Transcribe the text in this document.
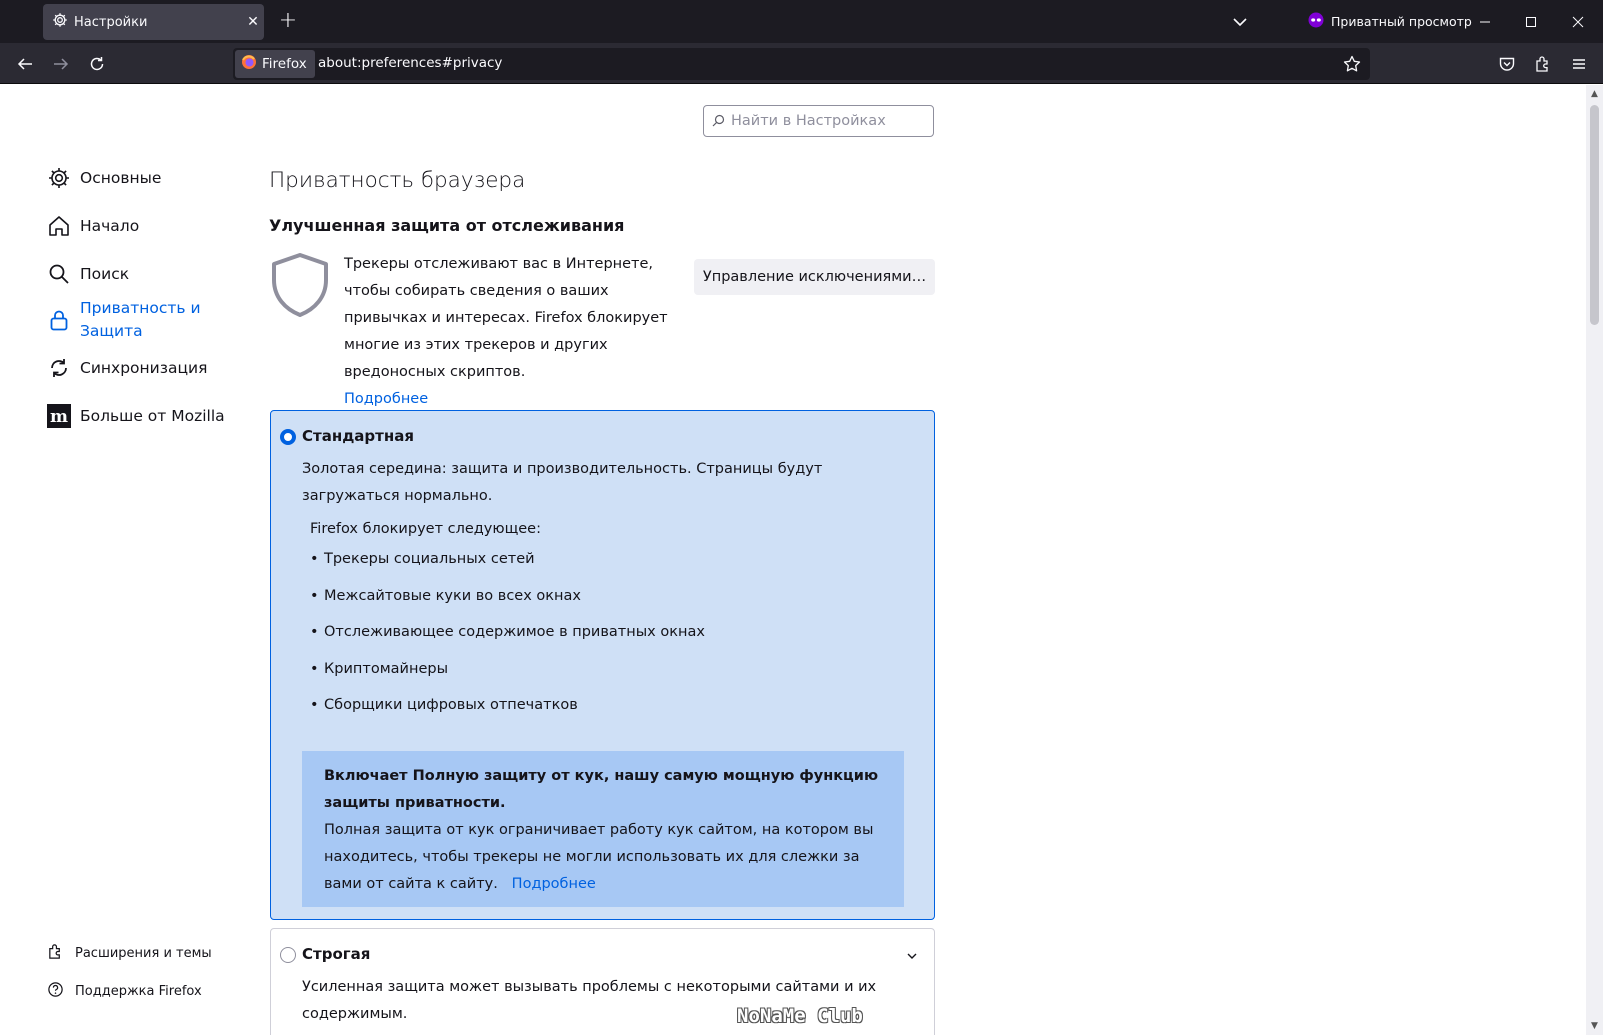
Настройки	✕ +	Приватный просмотр
Firefox about:preferences#privacy
Найти в Настройках
Основные
Начало
Поиск
Приватность и Защита
Синхронизация
m Больше от Mozilla
Расширения и темы
Поддержка Firefox
Приватность браузера
Улучшенная защита от отслеживания
Трекеры отслеживают вас в Интернете, чтобы собирать сведения о ваших привычках и интересах. Firefox блокирует многие из этих трекеров и других вредоносных скриптов.
Подробнее
Управление исключениями…
Стандартная
Золотая середина: защита и производительность. Страницы будут загружаться нормально.
Firefox блокирует следующее:
• Трекеры социальных сетей
• Межсайтовые куки во всех окнах
• Отслеживающее содержимое в приватных окнах
• Криптомайнеры
• Сборщики цифровых отпечатков
Включает Полную защиту от кук, нашу самую мощную функцию защиты приватности.
Полная защита от кук ограничивает работу кук сайтом, на котором вы находитесь, чтобы трекеры не могли использовать их для слежки за вами от сайта к сайту. Подробнее
Строгая
Усиленная защита может вызывать проблемы с некоторыми сайтами и их содержимым.	NoNaMe Club
▲
▼
